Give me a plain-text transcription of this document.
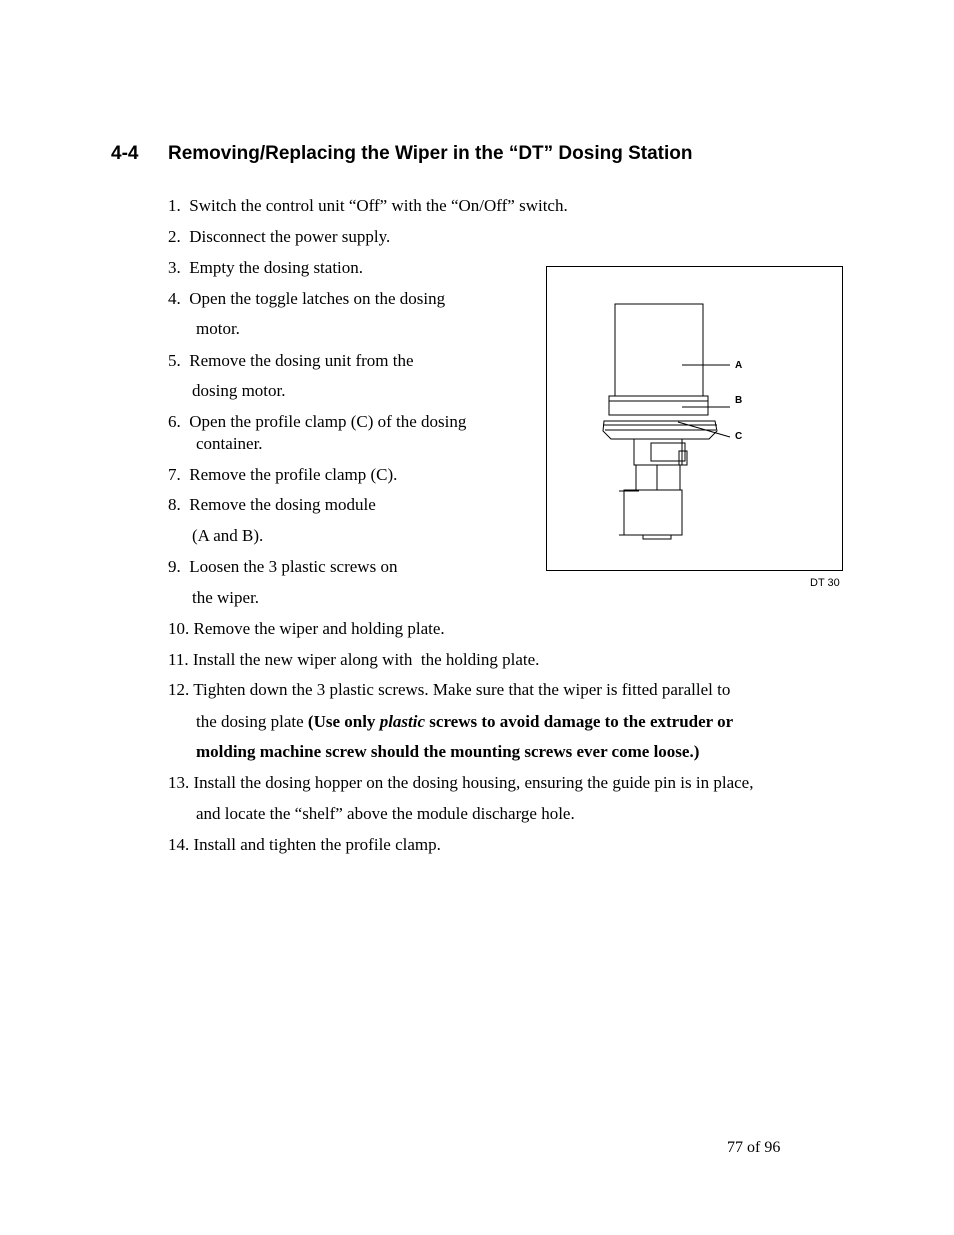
4-4 Removing/Replacing the Wiper in the “DT” Dosing Station
1. Switch the control unit “Off” with the “On/Off” switch.
2. Disconnect the power supply.
3. Empty the dosing station.
4. Open the toggle latches on the dosing
motor.
5. Remove the dosing unit from the
dosing motor.
6. Open the profile clamp (C) of the dosing
container.
7. Remove the profile clamp (C).
8. Remove the dosing module
(A and B).
9. Loosen the 3 plastic screws on
the wiper.
10. Remove the wiper and holding plate.
11. Install the new wiper along with  the holding plate.
12. Tighten down the 3 plastic screws. Make sure that the wiper is fitted parallel to
the dosing plate (Use only plastic screws to avoid damage to the extruder or
molding machine screw should the mounting screws ever come loose.)
13. Install the dosing hopper on the dosing housing, ensuring the guide pin is in place,
and locate the “shelf” above the module discharge hole.
14. Install and tighten the profile clamp.
A
B
C
DT 30
77 of 96
